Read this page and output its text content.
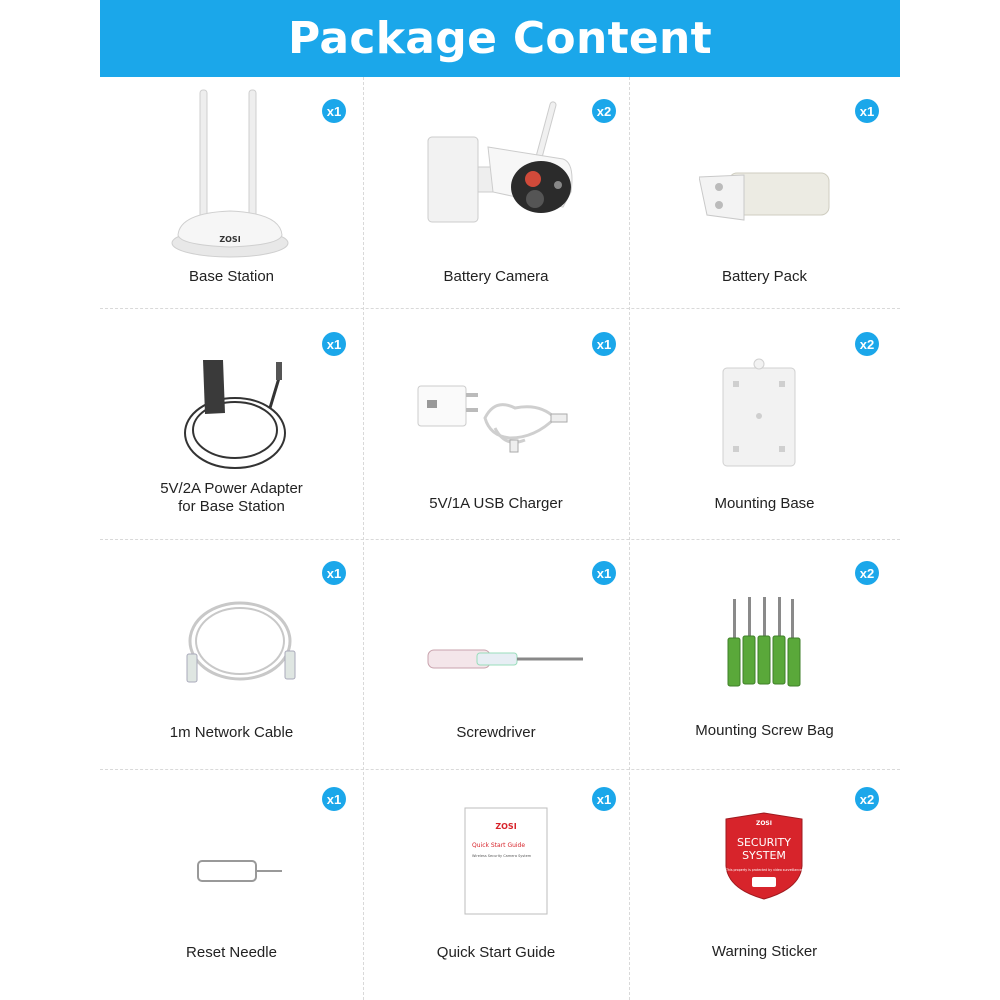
Package Content
x1
ZOSI
Base Station
x2
Battery Camera
x1
Battery Pack
x1
5V/2A Power Adapter
for Base Station
x1
5V/1A USB Charger
x2
Mounting Base
x1
1m Network Cable
x1
Screwdriver
x2
Mounting Screw Bag
x1
Reset Needle
x1
ZOSI
Quick Start Guide
Wireless Security Camera System
Quick Start Guide
x2
ZOSI
SECURITY
SYSTEM
This property is protected by video surveillance
Warning Sticker
